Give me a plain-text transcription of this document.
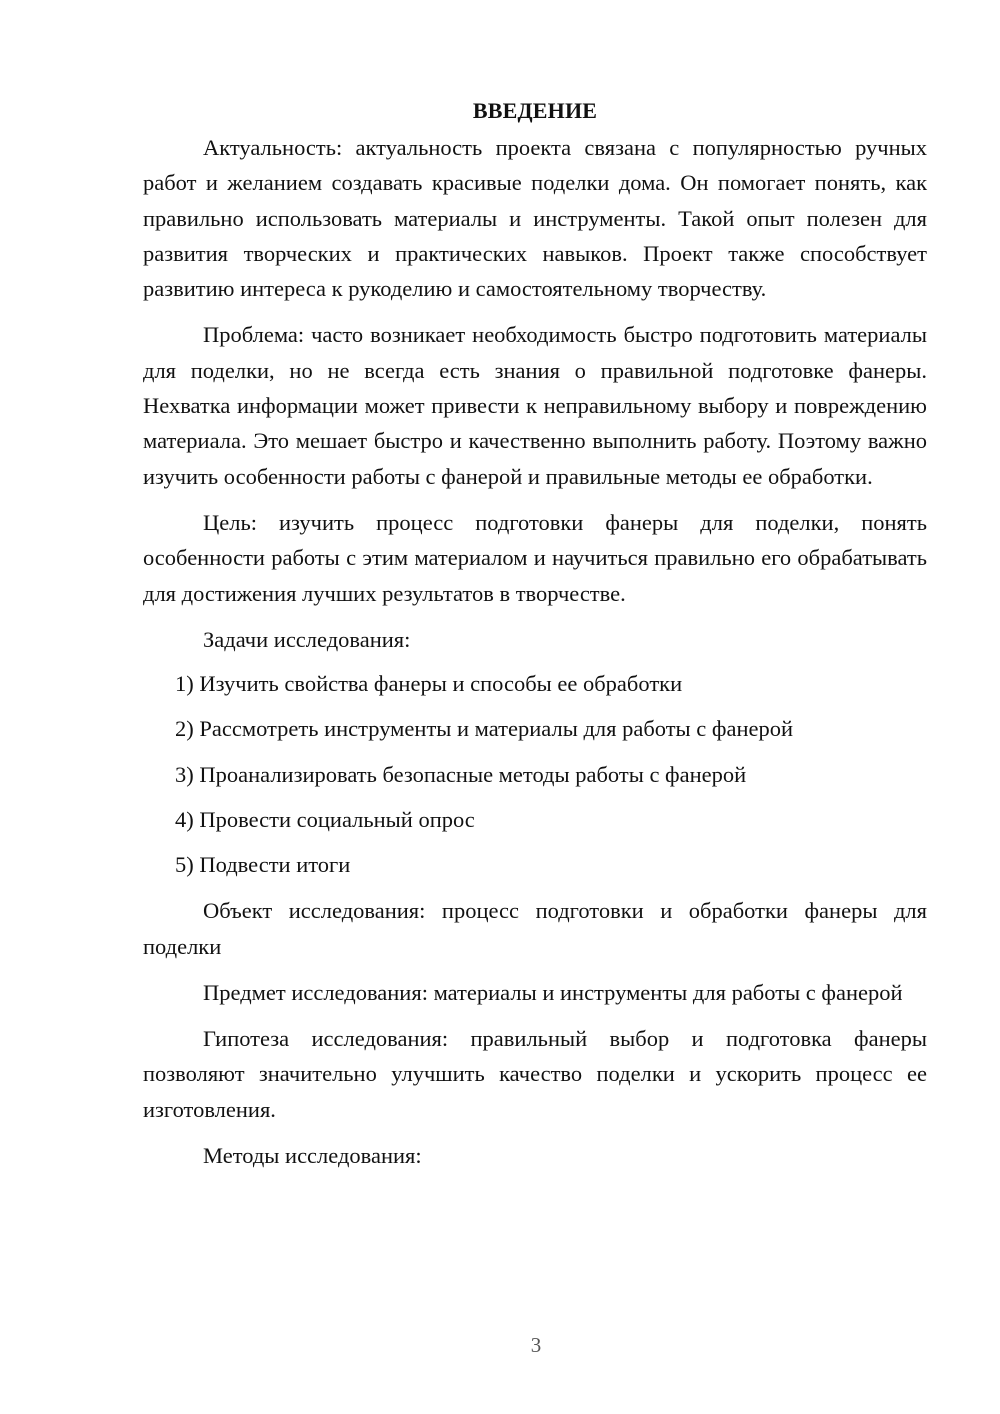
ВВЕДЕНИЕ

Актуальность: актуальность проекта связана с популярностью ручных работ и желанием создавать красивые поделки дома. Он помогает понять, как правильно использовать материалы и инструменты. Такой опыт полезен для развития творческих и практических навыков. Проект также способствует развитию интереса к рукоделию и самостоятельному творчеству.

Проблема: часто возникает необходимость быстро подготовить материалы для поделки, но не всегда есть знания о правильной подготовке фанеры. Нехватка информации может привести к неправильному выбору и повреждению материала. Это мешает быстро и качественно выполнить работу. Поэтому важно изучить особенности работы с фанерой и правильные методы ее обработки.

Цель: изучить процесс подготовки фанеры для поделки, понять особенности работы с этим материалом и научиться правильно его обрабатывать для достижения лучших результатов в творчестве.

Задачи исследования:

1) Изучить свойства фанеры и способы ее обработки
2) Рассмотреть инструменты и материалы для работы с фанерой
3) Проанализировать безопасные методы работы с фанерой
4) Провести социальный опрос
5) Подвести итоги

Объект исследования: процесс подготовки и обработки фанеры для поделки

Предмет исследования: материалы и инструменты для работы с фанерой

Гипотеза исследования: правильный выбор и подготовка фанеры позволяют значительно улучшить качество поделки и ускорить процесс ее изготовления.

Методы исследования:

3
